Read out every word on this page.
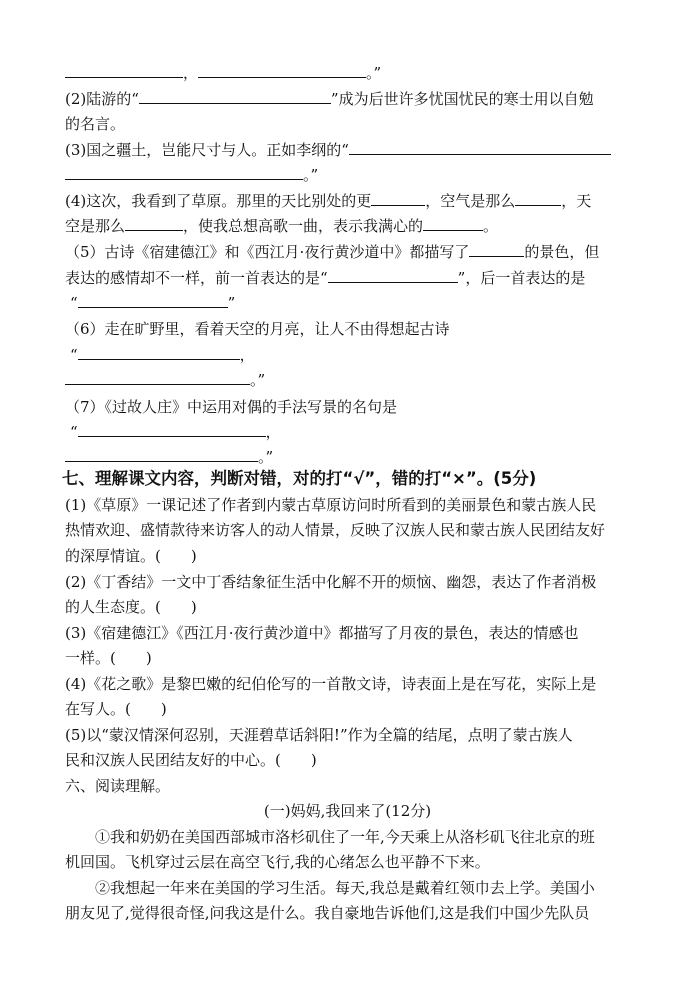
，	。”
(2)陆游的“	”成为后世许多忧国忧民的寒士用以自勉
的名言。
(3)国之疆土，岂能尺寸与人。正如李纲的“
。”
(4)这次，我看到了草原。那里的天比别处的更	，空气是那么	，天
空是那么	，使我总想高歌一曲，表示我满心的	。
（5）古诗《宿建德江》和《西江月·夜行黄沙道中》都描写了	的景色，但
表达的感情却不一样，前一首表达的是“	”，后一首表达的是
“	”
（6）走在旷野里，看着天空的月亮，让人不由得想起古诗
“	，
。”
（7）《过故人庄》中运用对偶的手法写景的名句是
“	，
。”
七、理解课文内容，判断对错，对的打“√”，错的打“×”。(5分)
(1)《草原》一课记述了作者到内蒙古草原访问时所看到的美丽景色和蒙古族人民
热情欢迎、盛情款待来访客人的动人情景，反映了汉族人民和蒙古族人民团结友好
的深厚情谊。(　　)
(2)《丁香结》一文中丁香结象征生活中化解不开的烦恼、幽怨，表达了作者消极
的人生态度。(　　)
(3)《宿建德江》《西江月·夜行黄沙道中》都描写了月夜的景色，表达的情感也
一样。(　　)
(4)《花之歌》是黎巴嫩的纪伯伦写的一首散文诗，诗表面上是在写花，实际上是
在写人。(　　)
(5)以“蒙汉情深何忍别，天涯碧草话斜阳!”作为全篇的结尾，点明了蒙古族人
民和汉族人民团结友好的中心。(　　)
六、阅读理解。
(一)妈妈,我回来了(12分)
　　①我和奶奶在美国西部城市洛杉矶住了一年,今天乘上从洛杉矶飞往北京的班
机回国。飞机穿过云层在高空飞行,我的心绪怎么也平静不下来。
　　②我想起一年来在美国的学习生活。每天,我总是戴着红领巾去上学。美国小
朋友见了,觉得很奇怪,问我这是什么。我自豪地告诉他们,这是我们中国少先队员
